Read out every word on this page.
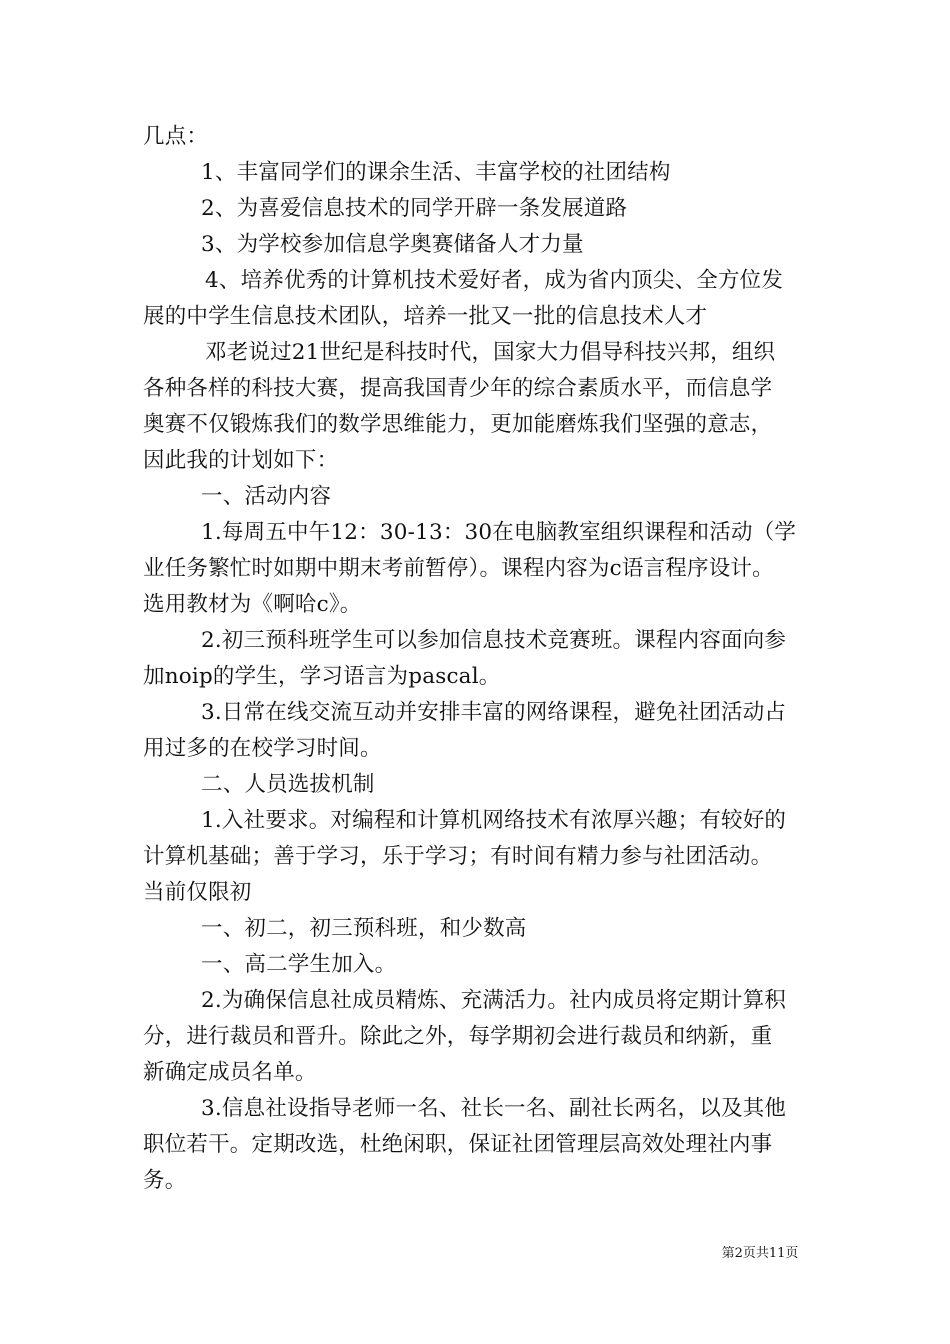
几点：
1、丰富同学们的课余生活、丰富学校的社团结构
2、为喜爱信息技术的同学开辟一条发展道路
3、为学校参加信息学奥赛储备人才力量
4、培养优秀的计算机技术爱好者，成为省内顶尖、全方位发
展的中学生信息技术团队，培养一批又一批的信息技术人才
邓老说过21世纪是科技时代，国家大力倡导科技兴邦，组织
各种各样的科技大赛，提高我国青少年的综合素质水平，而信息学
奥赛不仅锻炼我们的数学思维能力，更加能磨炼我们坚强的意志，
因此我的计划如下：
一、活动内容
1.每周五中午12：30-13：30在电脑教室组织课程和活动（学
业任务繁忙时如期中期末考前暂停）。课程内容为c语言程序设计。
选用教材为《啊哈c》。
2.初三预科班学生可以参加信息技术竞赛班。课程内容面向参
加noip的学生，学习语言为pascal。
3.日常在线交流互动并安排丰富的网络课程，避免社团活动占
用过多的在校学习时间。
二、人员选拔机制
1.入社要求。对编程和计算机网络技术有浓厚兴趣；有较好的
计算机基础；善于学习，乐于学习；有时间有精力参与社团活动。
当前仅限初
一、初二，初三预科班，和少数高
一、高二学生加入。
2.为确保信息社成员精炼、充满活力。社内成员将定期计算积
分，进行裁员和晋升。除此之外，每学期初会进行裁员和纳新，重
新确定成员名单。
3.信息社设指导老师一名、社长一名、副社长两名，以及其他
职位若干。定期改选，杜绝闲职，保证社团管理层高效处理社内事
务。
第2页共11页
